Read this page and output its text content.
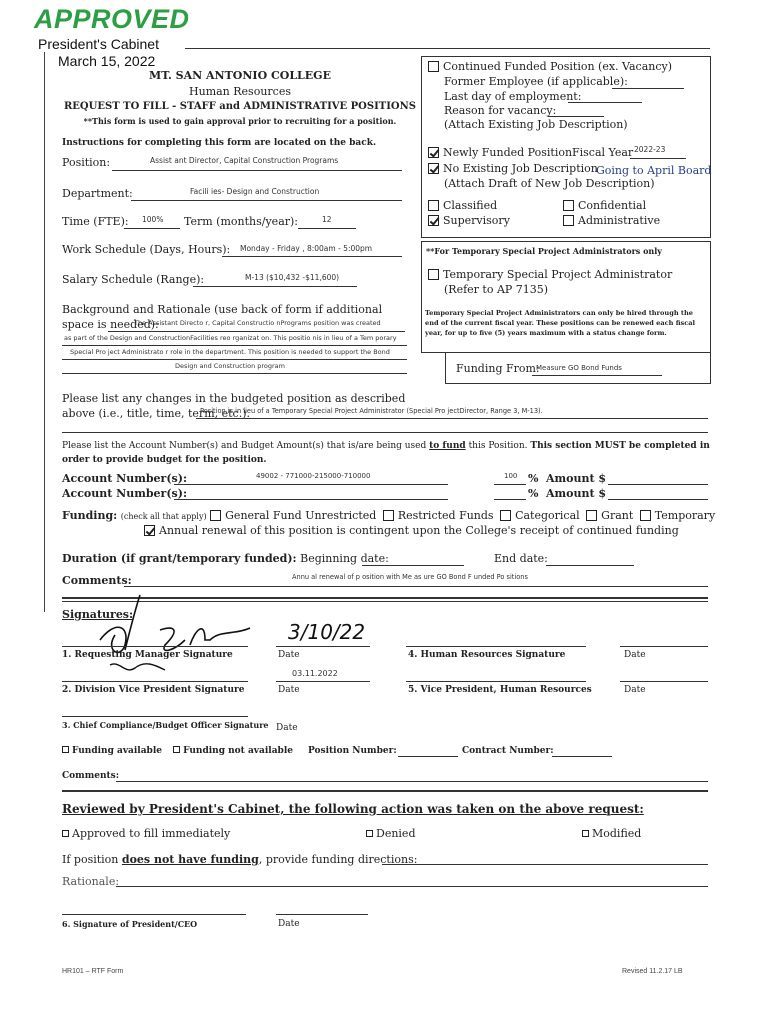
APPROVED
President's Cabinet
March 15, 2022
MT. SAN ANTONIO COLLEGE
Human Resources
REQUEST TO FILL - STAFF and ADMINISTRATIVE POSITIONS
**This form is used to gain approval prior to recruiting for a position.
Instructions for completing this form are located on the back.
Position:	Assist ant Director, Capital Construction Programs
Department:	Facili ies- Design and Construction
Time (FTE): 100% Term (months/year):	12
Work Schedule (Days, Hours): Monday - Friday , 8:00am - 5:00pm
Salary Schedule (Range):	M-13 ($10,432 -$11,600)
Background and Rationale (use back of form if additional space is needed):
The Assistant Directo r, Capital Constructio nPrograms position was created
as part of the Design and ConstructionFacilities reo rganizat on. This positio nis in lieu of a Tem porary
Special Pro ject Administrato r role in the department. This position is needed to support the Bond
Design and Construction program
Continued Funded Position (ex. Vacancy)
Former Employee (if applicable):
Last day of employment:
Reason for vacancy:
(Attach Existing Job Description)
Newly Funded Position Fiscal Year 2022-23
No Existing Job Description
Going to April Board
(Attach Draft of New Job Description)
Classified
Supervisory
Confidential
Administrative
**For Temporary Special Project Administrators only
Temporary Special Project Administrator
(Refer to AP 7135)
Temporary Special Project Administrators can only be hired through the end of the current fiscal year. These positions can be renewed each fiscal year, for up to five (5) years maximum with a status change form.
Funding From:
Measure GO Bond Funds
Please list any changes in the budgeted position as described above (i.e., title, time, term, etc.).
Position is in lieu of a Temporary Special Project Administrator (Special Pro jectDirector, Range 3, M-13).
Please list the Account Number(s) and Budget Amount(s) that is/are being used to fund this Position. This section MUST be completed in order to provide budget for the position.
Account Number(s):	49002 - 771000-215000-710000	100 % Amount $
Account Number(s):	% Amount $
Funding: (check all that apply) General Fund Unrestricted Restricted Funds Categorical Grant Temporary
Annual renewal of this position is contingent upon the College's receipt of continued funding
Duration (if grant/temporary funded): Beginning date:	End date:
Comments:	Annu al renewal of p osition with Me as ure GO Bond F unded Po sitions
Signatures:
3/10/22
1. Requesting Manager Signature	Date	4. Human Resources Signature	Date
03.11.2022
2. Division Vice President Signature	Date	5. Vice President, Human Resources	Date
3. Chief Compliance/Budget Officer Signature Date
Funding available Funding not available Position Number:	Contract Number:
Comments:
Reviewed by President's Cabinet, the following action was taken on the above request:
Approved to fill immediately	Denied	Modified
If position does not have funding, provide funding directions:
Rationale:
6. Signature of President/CEO	Date
HR101 – RTF Form	Revised 11.2.17 LB
